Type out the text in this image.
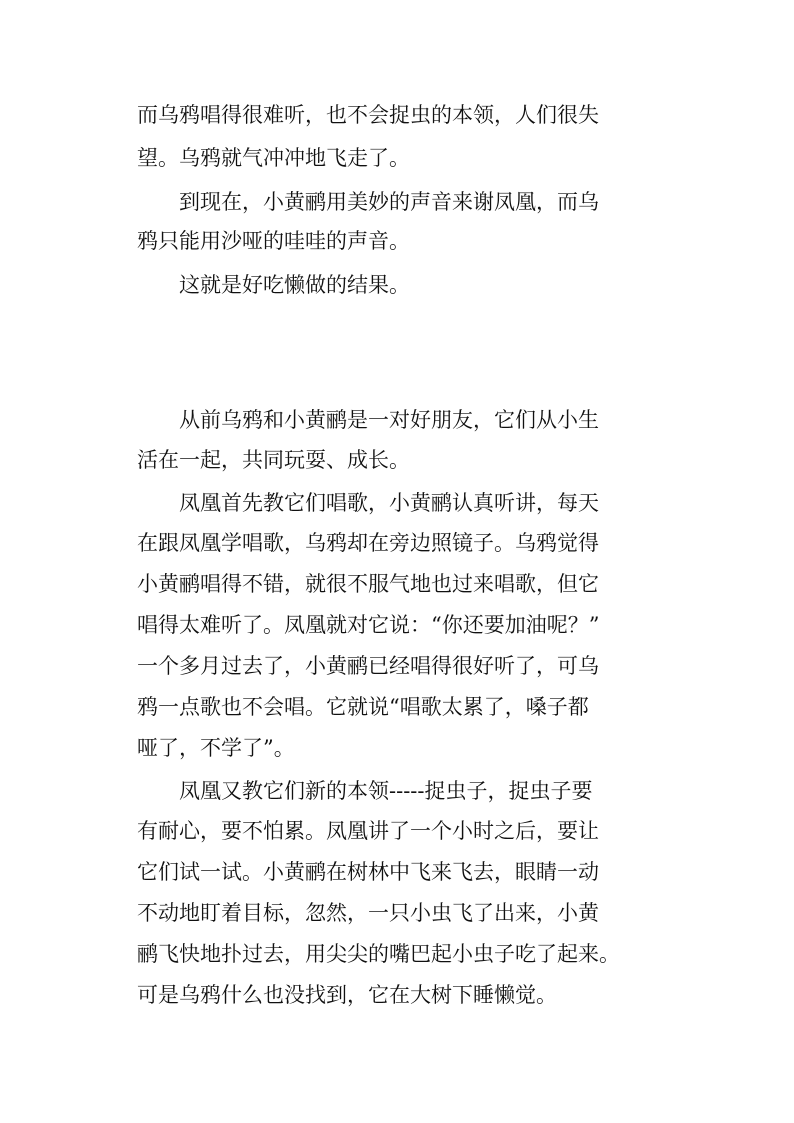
而乌鸦唱得很难听，也不会捉虫的本领，人们很失

望。乌鸦就气冲冲地飞走了。

到现在，小黄鹂用美妙的声音来谢凤凰，而乌

鸦只能用沙哑的哇哇的声音。

这就是好吃懒做的结果。

从前乌鸦和小黄鹂是一对好朋友，它们从小生

活在一起，共同玩耍、成长。

凤凰首先教它们唱歌，小黄鹂认真听讲，每天

在跟凤凰学唱歌，乌鸦却在旁边照镜子。乌鸦觉得

小黄鹂唱得不错，就很不服气地也过来唱歌，但它

唱得太难听了。凤凰就对它说：“你还要加油呢？”

一个多月过去了，小黄鹂已经唱得很好听了，可乌

鸦一点歌也不会唱。它就说“唱歌太累了，嗓子都

哑了，不学了”。

凤凰又教它们新的本领-----捉虫子，捉虫子要

有耐心，要不怕累。凤凰讲了一个小时之后，要让

它们试一试。小黄鹂在树林中飞来飞去，眼睛一动

不动地盯着目标，忽然，一只小虫飞了出来，小黄

鹂飞快地扑过去，用尖尖的嘴巴起小虫子吃了起来。

可是乌鸦什么也没找到，它在大树下睡懒觉。
